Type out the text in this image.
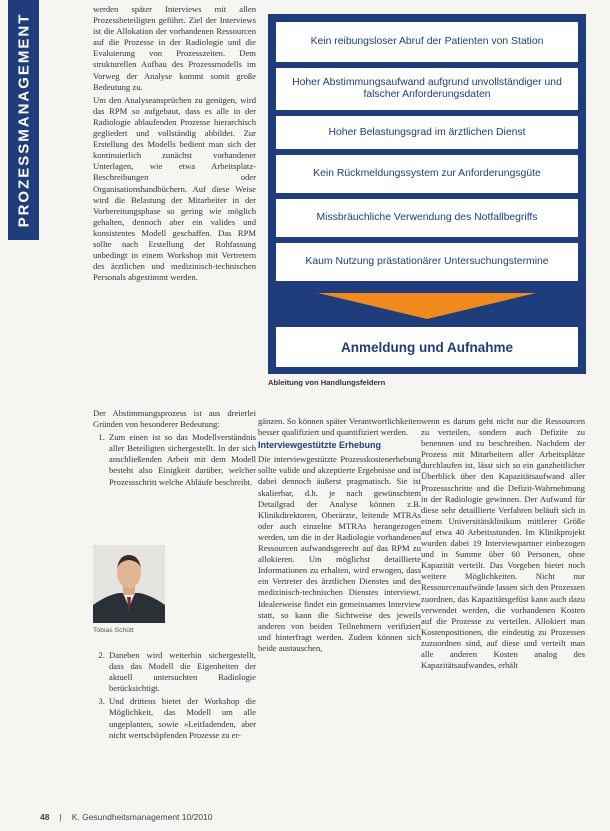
PROZESSMANAGEMENT

werden später Interviews mit allen Prozessbeteiligten geführt. Ziel der Interviews ist die Allokation der vorhandenen Ressourcen auf die Prozesse in der Radiologie und die Evaluierung von Prozesszeiten. Dem strukturellen Aufbau des Prozessmodells im Vorweg der Analyse kommt somit große Bedeutung zu.

Um den Analyseansprüchen zu genügen, wird das RPM so aufgebaut, dass es alle in der Radiologie ablaufenden Prozesse hierarchisch gegliedert und vollständig abbildet. Zur Erstellung des Modells bedient man sich der kontinuierlich zunächst vorhandener Unterlagen, wie etwa Arbeitsplatz-Beschreibungen oder Organisationshandbüchern. Auf diese Weise wird die Belastung der Mitarbeiter in der Vorbereitungsphase so gering wie möglich gehalten, dennoch aber ein valides und konsistentes Modell geschaffen. Das RPM sollte nach Erstellung der Rohfassung unbedingt in einem Workshop mit Vertretern des ärztlichen und medizinisch-technischen Personals abgestimmt werden.

Kein reibungsloser Abruf der Patienten von Station
Hoher Abstimmungsaufwand aufgrund unvollständiger und falscher Anforderungsdaten
Hoher Belastungsgrad im ärztlichen Dienst
Kein Rückmeldungssystem zur Anforderungsgüte
Missbräuchliche Verwendung des Notfallbegriffs
Kaum Nutzung prästationärer Untersuchungstermine
Anmeldung und Aufnahme
Ableitung von Handlungsfeldern

Der Abstimmungsprozess ist aus dreierlei Gründen von besonderer Bedeutung:

1. Zum einen ist so das Modellverständnis aller Beteiligten sichergestellt. In der sich anschließenden Arbeit mit dem Modell besteht also Einigkeit darüber, welcher Prozessschritt welche Abläufe beschreibt.
Tobias Schütt
2. Daneben wird weiterhin sichergestellt, dass das Modell die Eigenheiten der aktuell untersuchten Radiologie berücksichtigt.
3. Und drittens bietet der Workshop die Möglichkeit, das Modell um alle ungeplanten, sowie »Leitfadenden, aber nicht wertschöpfenden Prozesse zu er-

gänzen. So können später Verantwortlichkeiten besser qualifiziert und quantifiziert werden.

Interviewgestützte Erhebung

Die interviewgestützte Prozesskostenerhebung sollte valide und akzeptierte Ergebnisse und ist dabei dennoch äußerst pragmatisch. Sie ist skalierbar, d.h. je nach gewünschtem Detailgrad der Analyse können z.B. Klinikdirektoren, Oberärzte, leitende MTRAs oder auch einzelne MTRAs herangezogen werden, um die in der Radiologie vorhandenen Ressourcen aufwandsgerecht auf das RPM zu allokieren. Um möglichst detaillierte Informationen zu erhalten, wird erwogen, dass ein Vertreter des ärztlichen Dienstes und des medizinisch-technischen Dienstes interviewt. Idealerweise findet ein gemeinsames Interview statt, so kann die Sichtweise des jeweils anderen von beiden Teilnehmern verifiziert und hinterfragt werden. Zudem können sich beide austauschen,

wenn es darum geht nicht nur die Ressourcen zu verteilen, sondern auch Defizite zu benennen und zu beschreiben. Nachdem der Prozess mit Mitarbeitern aller Arbeitsplätze durchlaufen ist, lässt sich so ein ganzheitlicher Überblick über den Kapazitätsaufwand aller Prozessschritte und die Defizit-Wahrnehmung in der Radiologie gewinnen. Der Aufwand für diese sehr detaillierte Verfahren beläuft sich in einem Universitätsklinikum mittlerer Größe auf etwa 40 Arbeitsstunden. Im Klinikprojekt wurden dabei 19 Interviewpartner einbezogen und in Summe über 60 Personen, ohne Kapazität verteilt. Das Vorgehen bietet noch weitere Möglichkeiten. Nicht nur Ressourcenaufwände lassen sich den Prozessen zuordnen, das Kapazitätsgefüst kann auch dazu verwendet werden, die vorhandenen Kosten auf die Prozesse zu verteilen. Allokiert man Kostenpositionen, die eindeutig zu Prozessen zuzuordnen sind, auf diese und verteilt man alle anderen Kosten analog des Kapazitätsaufwandes, erhält

48 | K. Gesundheitsmanagement 10/2010
